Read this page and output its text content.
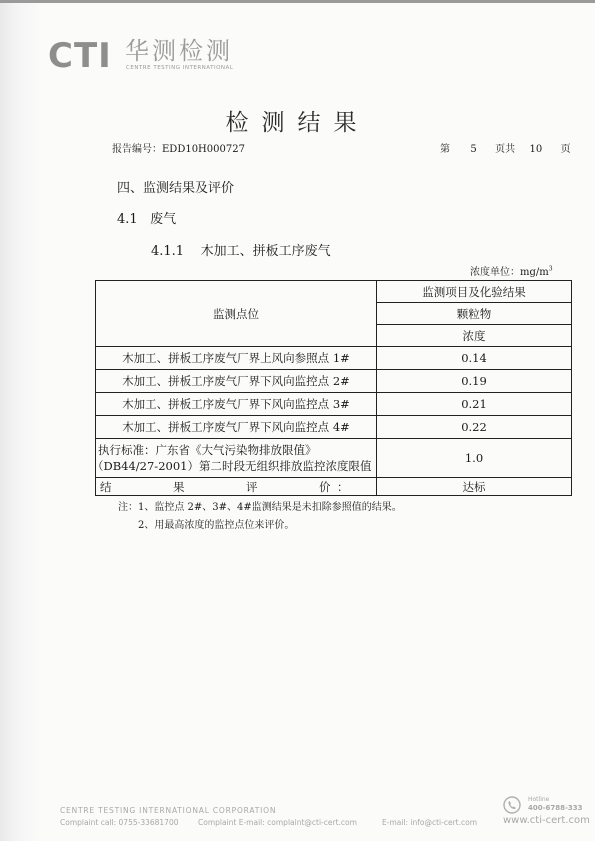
CTI 华测检测
CENTRE TESTING INTERNATIONAL
检测结果
报告编号：EDD10H000727	第 5 页共 10 页
四、监测结果及评价
4.1   废气
4.1.1    木加工、拼板工序废气
浓度单位：$mg/m^3$
监测点位	监测项目及化验结果
	颗粒物
	浓度
木加工、拼板工序废气厂界上风向参照点 1#	0.14
木加工、拼板工序废气厂界下风向监控点 2#	0.19
木加工、拼板工序废气厂界下风向监控点 3#	0.21
木加工、拼板工序废气厂界下风向监控点 4#	0.22

执行标准：广东省《大气污染物排放限值》
（DB44/27-2001）第二时段无组织排放监控浓度限值	1.0
结 果 评 价 ：	达标
注：1、监控点 2#、3#、4#监测结果是未扣除参照值的结果。
2、用最高浓度的监控点位来评价。
CENTRE TESTING INTERNATIONAL CORPORATION
Complaint call: 0755-33681700	Complaint E-mail: complaint@cti-cert.com	E-mail: info@cti-cert.com
Hotline
400-6788-333
www.cti-cert.com
